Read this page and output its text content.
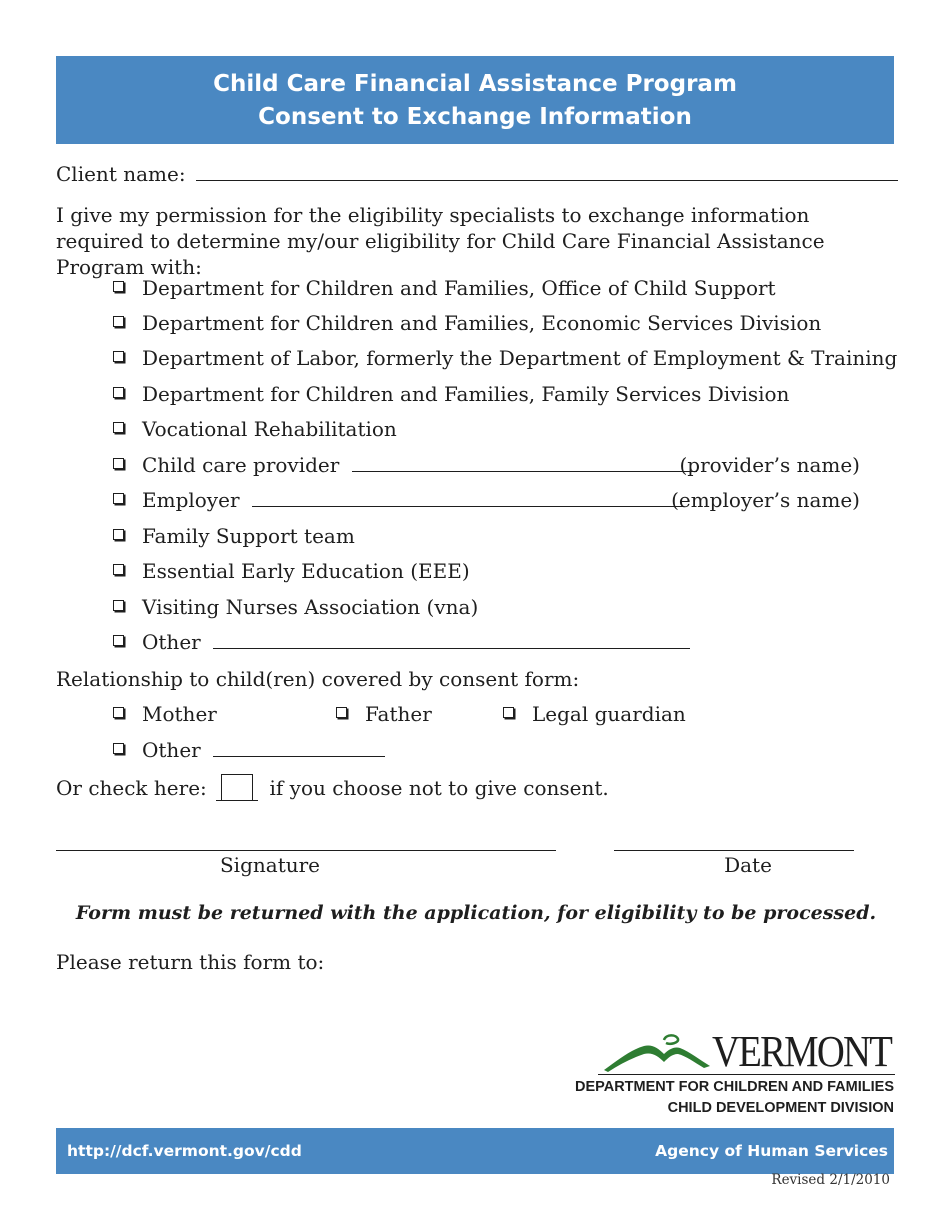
Child Care Financial Assistance Program
Consent to Exchange Information
Client name:
I give my permission for the eligibility specialists to exchange information required to determine my/our eligibility for Child Care Financial Assistance Program with:
Department for Children and Families, Office of Child Support
Department for Children and Families, Economic Services Division
Department of Labor, formerly the Department of Employment & Training
Department for Children and Families, Family Services Division
Vocational Rehabilitation
Child care provider	(provider’s name)
Employer	(employer’s name)
Family Support team
Essential Early Education (EEE)
Visiting Nurses Association (vna)
Other
Relationship to child(ren) covered by consent form:
Mother	Father	Legal guardian
Other
Or check here:	if you choose not to give consent.
Signature	Date
Form must be returned with the application, for eligibility to be processed.
Please return this form to:
VERMONT
DEPARTMENT FOR CHILDREN AND FAMILIES
CHILD DEVELOPMENT DIVISION
http://dcf.vermont.gov/cdd	Agency of Human Services
Revised 2/1/2010
